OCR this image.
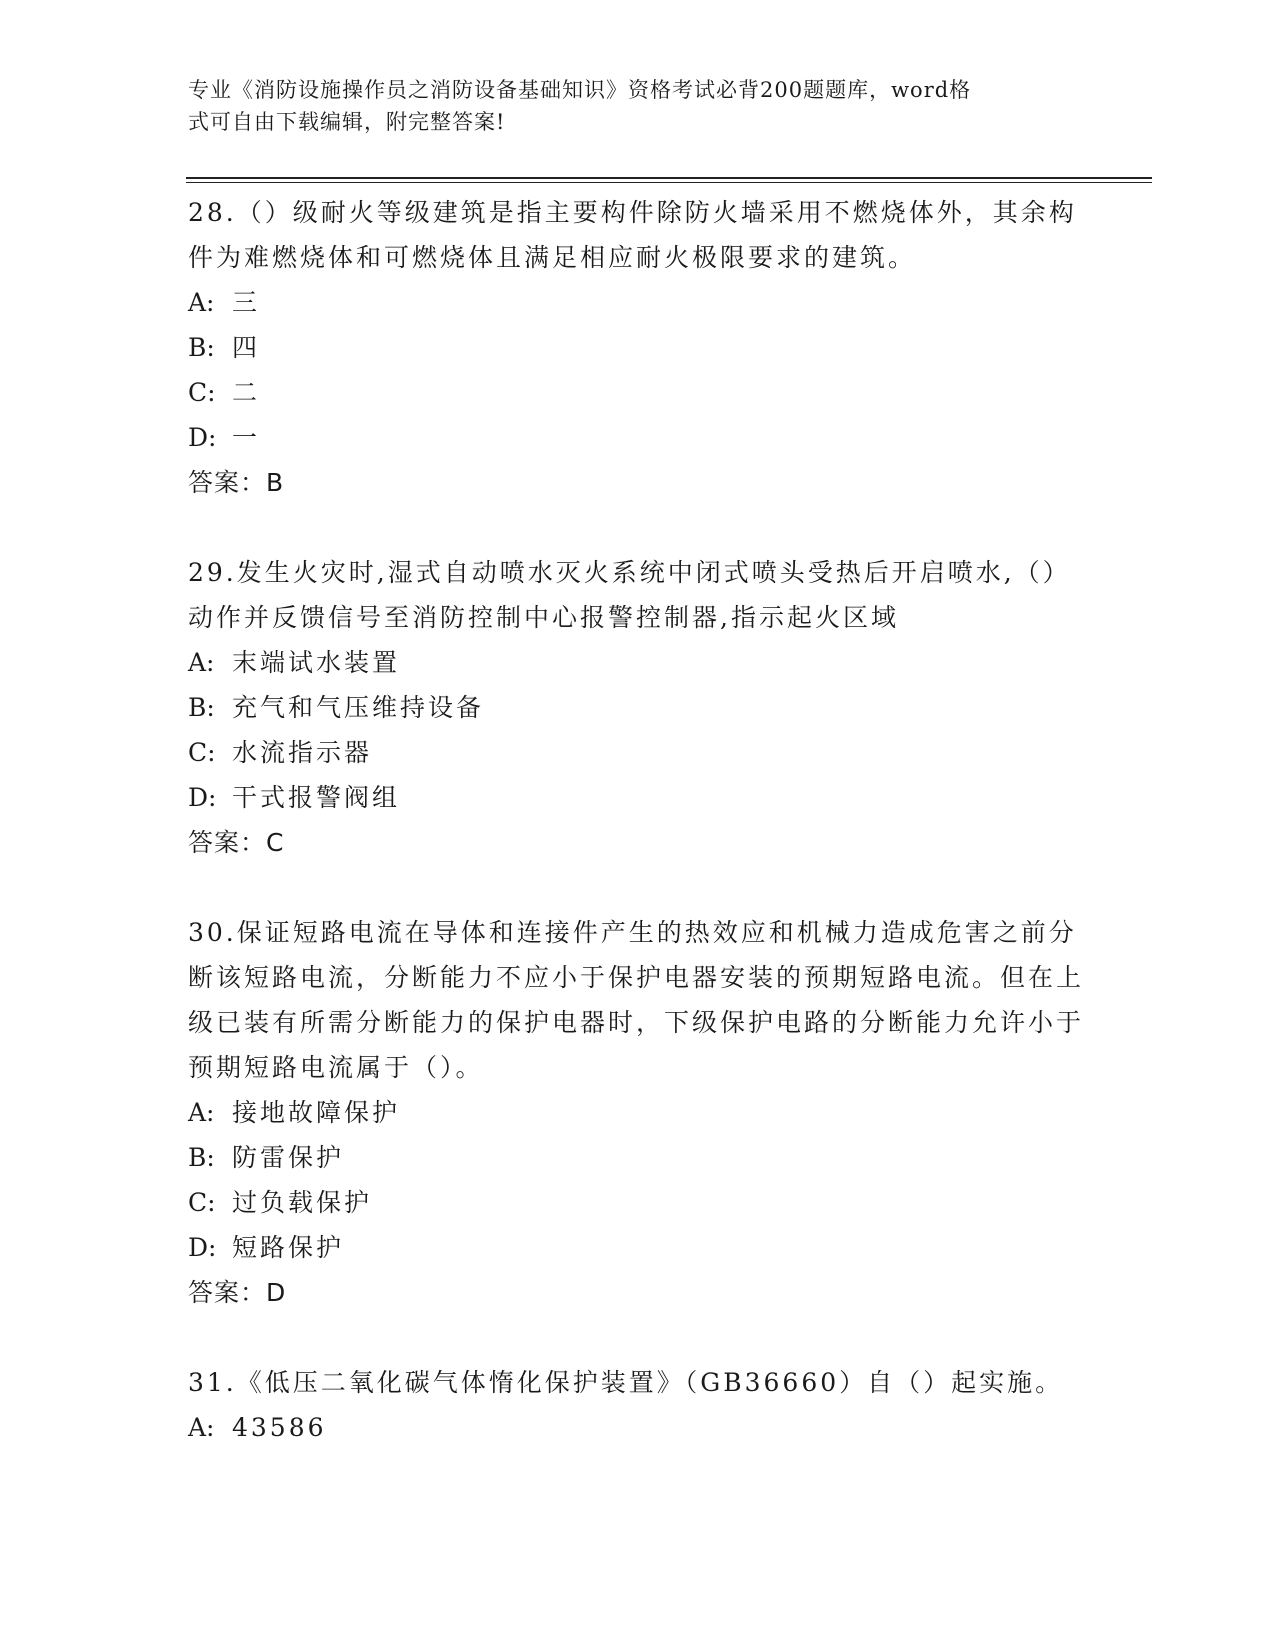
专业《消防设施操作员之消防设备基础知识》资格考试必背200题题库，word格
式可自由下载编辑，附完整答案!
28.（）级耐火等级建筑是指主要构件除防火墙采用不燃烧体外，其余构件为难燃烧体和可燃烧体且满足相应耐火极限要求的建筑。
A: 三
B: 四
C: 二
D: 一
答案：B
29.发生火灾时,湿式自动喷水灭火系统中闭式喷头受热后开启喷水,（）动作并反馈信号至消防控制中心报警控制器,指示起火区域
A: 末端试水装置
B: 充气和气压维持设备
C: 水流指示器
D: 干式报警阀组
答案：C
30.保证短路电流在导体和连接件产生的热效应和机械力造成危害之前分断该短路电流，分断能力不应小于保护电器安装的预期短路电流。但在上级已装有所需分断能力的保护电器时，下级保护电路的分断能力允许小于预期短路电流属于（）。
A: 接地故障保护
B: 防雷保护
C: 过负载保护
D: 短路保护
答案：D
31.《低压二氧化碳气体惰化保护装置》（GB36660）自（）起实施。
A: 43586
